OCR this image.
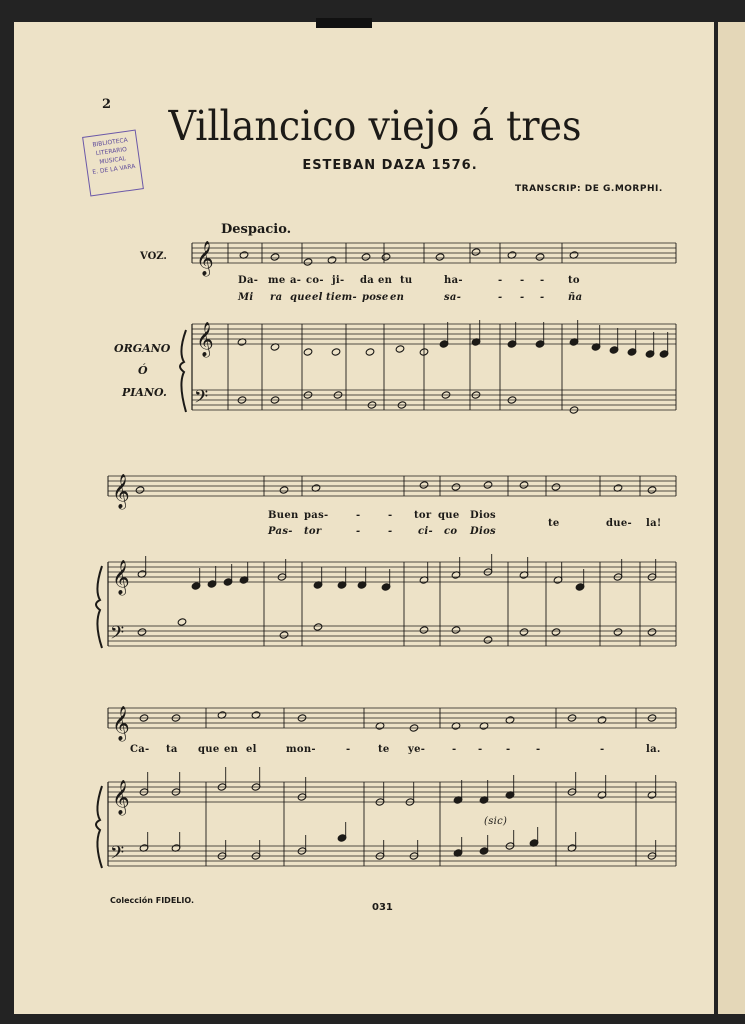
2	Villancico viejo á tres
ESTEBAN DAZA 1576.
TRANSCRIP: DE G.MORPHI.
Despacio.
BIBLIOTECA
LITERARIO
MUSICAL
E. DE LA VARA
VOZ.
ORGANO
Ó
PIANO.
𝄞
𝄞
𝄢
𝄞
𝄞
𝄢
𝄞
𝄞
𝄢
Da- me a- co- ji- da en tu	ha-	- - - to
Mi ra que el tiem- po se en	sa-	- - - ña
Buen pas-	-	- tor que Dios
Pas- tor	-	-	ci- co Dios
te	due- la!
Ca- ta que en el	mon-	-	te ye-	- - -	-	-	la.
(sic)
Colección FIDELIO.
031
